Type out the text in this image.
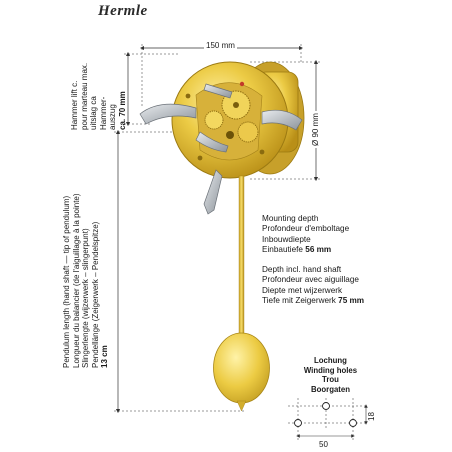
Hermle
150 mm
Ø 90 mm
50
18
Hammer lift c. pour marteau max. uitslag ca Hammer- auszug ca. 70 mm
Pendulum length (hand shaft — tip of pendulum) Longueur du balancier (de l'aiguillage à la pointe) Slingerlengte (wijzerwerk – slingerpunt) Pendellänge (Zeigerwerk – Pendelspitze) 13 cm
Mounting depth
Profondeur d'emboltage
Inbouwdiepte
Einbautiefe 56 mm
Depth incl. hand shaft
Profondeur avec aiguillage
Diepte met wijzerwerk
Tiefe mit Zeigerwerk 75 mm
Lochung
Winding holes
Trou
Boorgaten
